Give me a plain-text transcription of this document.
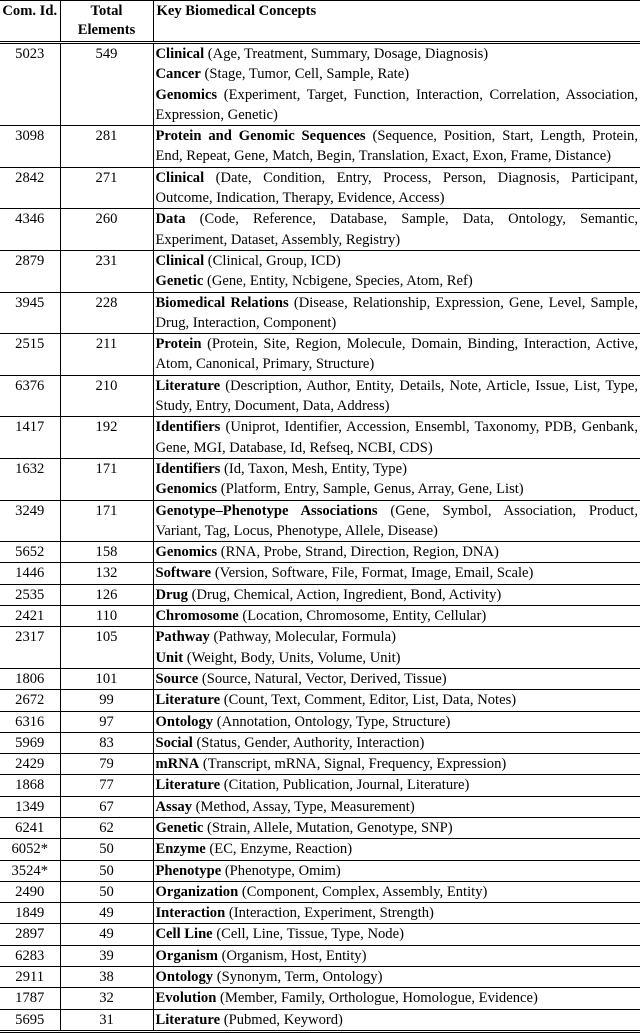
Com. Id.	Total Elements	Key Biomedical Concepts
5023	549	Clinical (Age, Treatment, Summary, Dosage, Diagnosis)
Cancer (Stage, Tumor, Cell, Sample, Rate)
Genomics (Experiment, Target, Function, Interaction, Correlation, Association, Expression, Genetic)

3098	281	Protein and Genomic Sequences (Sequence, Position, Start, Length, Protein, End, Repeat, Gene, Match, Begin, Translation, Exact, Exon, Frame, Distance)

2842	271	Clinical (Date, Condition, Entry, Process, Person, Diagnosis, Participant, Outcome, Indication, Therapy, Evidence, Access)

4346	260	Data (Code, Reference, Database, Sample, Data, Ontology, Semantic, Experiment, Dataset, Assembly, Registry)

2879	231	Clinical (Clinical, Group, ICD)
Genetic (Gene, Entity, Ncbigene, Species, Atom, Ref)

3945	228	Biomedical Relations (Disease, Relationship, Expression, Gene, Level, Sample, Drug, Interaction, Component)

2515	211	Protein (Protein, Site, Region, Molecule, Domain, Binding, Interaction, Active, Atom, Canonical, Primary, Structure)

6376	210	Literature (Description, Author, Entity, Details, Note, Article, Issue, List, Type, Study, Entry, Document, Data, Address)

1417	192	Identifiers (Uniprot, Identifier, Accession, Ensembl, Taxonomy, PDB, Genbank, Gene, MGI, Database, Id, Refseq, NCBI, CDS)

1632	171	Identifiers (Id, Taxon, Mesh, Entity, Type)
Genomics (Platform, Entry, Sample, Genus, Array, Gene, List)

3249	171	Genotype–Phenotype Associations (Gene, Symbol, Association, Product, Variant, Tag, Locus, Phenotype, Allele, Disease)

5652	158	Genomics (RNA, Probe, Strand, Direction, Region, DNA)

1446	132	Software (Version, Software, File, Format, Image, Email, Scale)

2535	126	Drug (Drug, Chemical, Action, Ingredient, Bond, Activity)

2421	110	Chromosome (Location, Chromosome, Entity, Cellular)

2317	105	Pathway (Pathway, Molecular, Formula)
Unit (Weight, Body, Units, Volume, Unit)

1806	101	Source (Source, Natural, Vector, Derived, Tissue)

2672	99	Literature (Count, Text, Comment, Editor, List, Data, Notes)

6316	97	Ontology (Annotation, Ontology, Type, Structure)

5969	83	Social (Status, Gender, Authority, Interaction)

2429	79	mRNA (Transcript, mRNA, Signal, Frequency, Expression)

1868	77	Literature (Citation, Publication, Journal, Literature)

1349	67	Assay (Method, Assay, Type, Measurement)

6241	62	Genetic (Strain, Allele, Mutation, Genotype, SNP)

6052*	50	Enzyme (EC, Enzyme, Reaction)

3524*	50	Phenotype (Phenotype, Omim)

2490	50	Organization (Component, Complex, Assembly, Entity)

1849	49	Interaction (Interaction, Experiment, Strength)

2897	49	Cell Line (Cell, Line, Tissue, Type, Node)

6283	39	Organism (Organism, Host, Entity)

2911	38	Ontology (Synonym, Term, Ontology)

1787	32	Evolution (Member, Family, Orthologue, Homologue, Evidence)

5695	31	Literature (Pubmed, Keyword)
